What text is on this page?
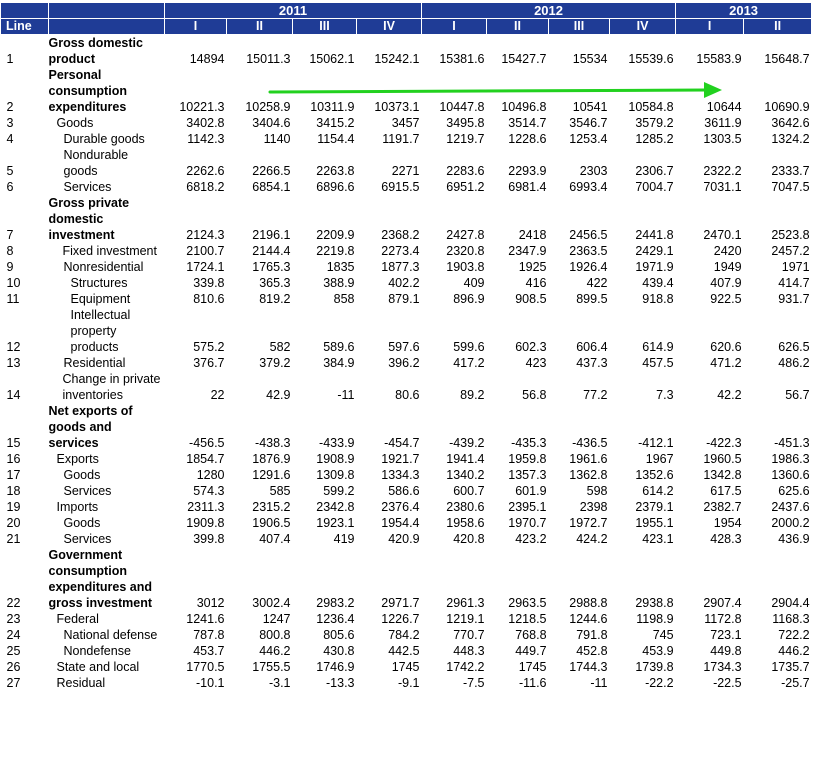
		2011				2012				2013	
Line		I	II	III	IV	I	II	III	IV	I	II
1	Gross domestic product	14894	15011.3	15062.1	15242.1	15381.6	15427.7	15534	15539.6	15583.9	15648.7
2	Personal consumption expenditures	10221.3	10258.9	10311.9	10373.1	10447.8	10496.8	10541	10584.8	10644	10690.9
3	Goods	3402.8	3404.6	3415.2	3457	3495.8	3514.7	3546.7	3579.2	3611.9	3642.6
4	Durable goods	1142.3	1140	1154.4	1191.7	1219.7	1228.6	1253.4	1285.2	1303.5	1324.2
5	Nondurable goods	2262.6	2266.5	2263.8	2271	2283.6	2293.9	2303	2306.7	2322.2	2333.7
6	Services	6818.2	6854.1	6896.6	6915.5	6951.2	6981.4	6993.4	7004.7	7031.1	7047.5
7	Gross private domestic investment	2124.3	2196.1	2209.9	2368.2	2427.8	2418	2456.5	2441.8	2470.1	2523.8
8	Fixed investment	2100.7	2144.4	2219.8	2273.4	2320.8	2347.9	2363.5	2429.1	2420	2457.2
9	Nonresidential	1724.1	1765.3	1835	1877.3	1903.8	1925	1926.4	1971.9	1949	1971
10	Structures	339.8	365.3	388.9	402.2	409	416	422	439.4	407.9	414.7
11	Equipment	810.6	819.2	858	879.1	896.9	908.5	899.5	918.8	922.5	931.7
12	Intellectual property products	575.2	582	589.6	597.6	599.6	602.3	606.4	614.9	620.6	626.5
13	Residential	376.7	379.2	384.9	396.2	417.2	423	437.3	457.5	471.2	486.2
14	Change in private inventories	22	42.9	-11	80.6	89.2	56.8	77.2	7.3	42.2	56.7
15	Net exports of goods and services	-456.5	-438.3	-433.9	-454.7	-439.2	-435.3	-436.5	-412.1	-422.3	-451.3
16	Exports	1854.7	1876.9	1908.9	1921.7	1941.4	1959.8	1961.6	1967	1960.5	1986.3
17	Goods	1280	1291.6	1309.8	1334.3	1340.2	1357.3	1362.8	1352.6	1342.8	1360.6
18	Services	574.3	585	599.2	586.6	600.7	601.9	598	614.2	617.5	625.6
19	Imports	2311.3	2315.2	2342.8	2376.4	2380.6	2395.1	2398	2379.1	2382.7	2437.6
20	Goods	1909.8	1906.5	1923.1	1954.4	1958.6	1970.7	1972.7	1955.1	1954	2000.2
21	Services	399.8	407.4	419	420.9	420.8	423.2	424.2	423.1	428.3	436.9
22	Government consumption expenditures and gross investment	3012	3002.4	2983.2	2971.7	2961.3	2963.5	2988.8	2938.8	2907.4	2904.4
23	Federal	1241.6	1247	1236.4	1226.7	1219.1	1218.5	1244.6	1198.9	1172.8	1168.3
24	National defense	787.8	800.8	805.6	784.2	770.7	768.8	791.8	745	723.1	722.2
25	Nondefense	453.7	446.2	430.8	442.5	448.3	449.7	452.8	453.9	449.8	446.2
26	State and local	1770.5	1755.5	1746.9	1745	1742.2	1745	1744.3	1739.8	1734.3	1735.7
27	Residual	-10.1	-3.1	-13.3	-9.1	-7.5	-11.6	-11	-22.2	-22.5	-25.7
